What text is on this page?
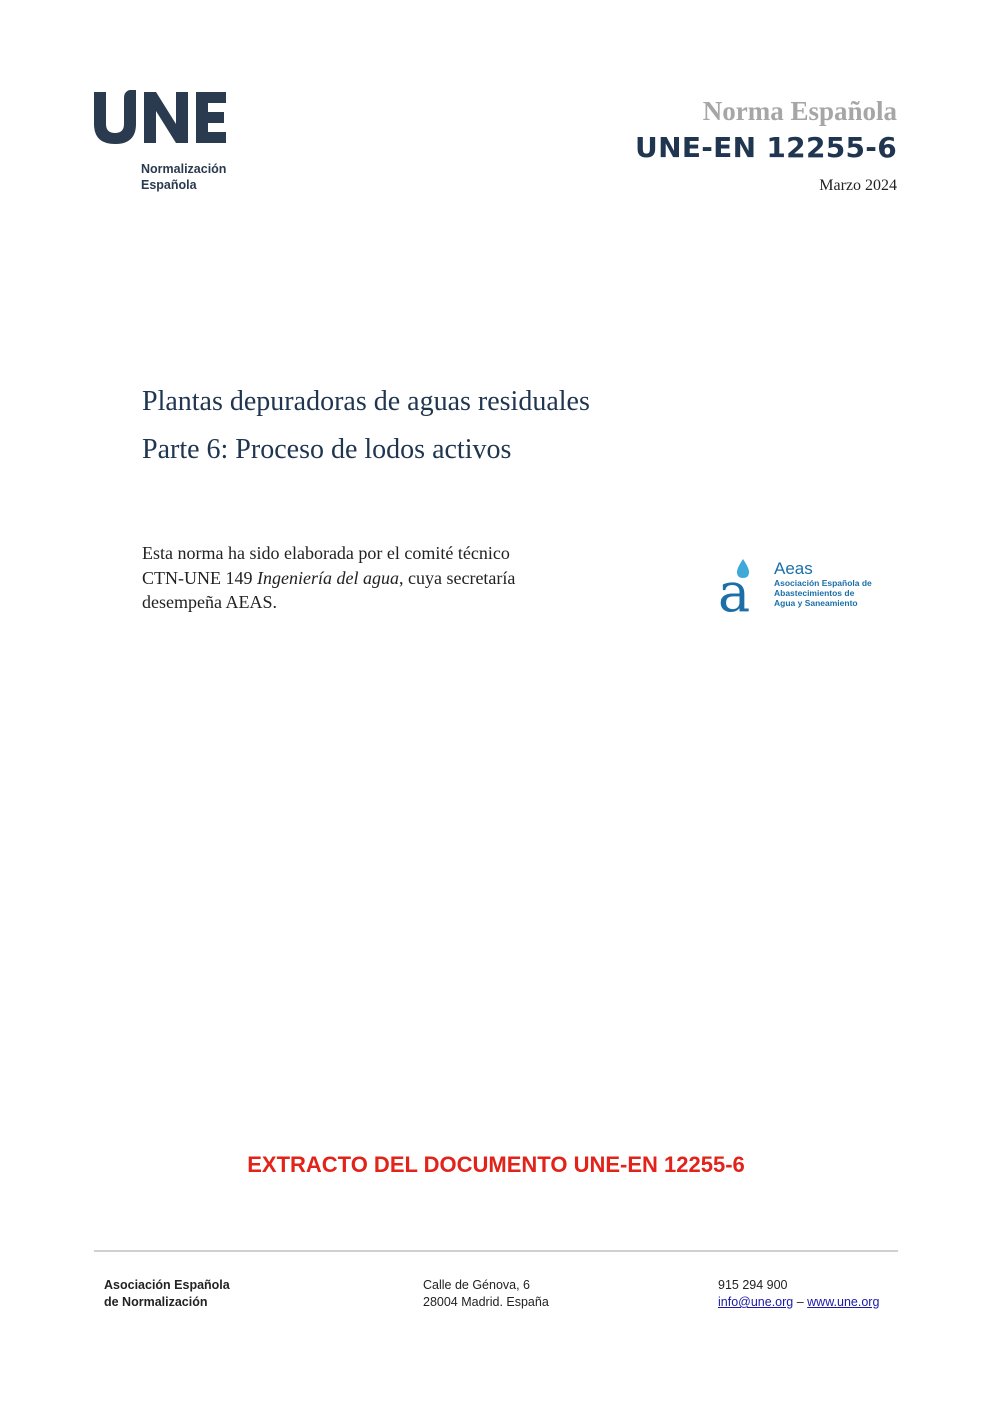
Normalización
Española
Norma Española
UNE-EN 12255-6
Marzo 2024
Plantas depuradoras de aguas residuales
Parte 6: Proceso de lodos activos
Esta norma ha sido elaborada por el comité técnico
CTN-UNE 149 Ingeniería del agua, cuya secretaría
desempeña AEAS.	a Aeas
Asociación Española de
Abastecimientos de
Agua y Saneamiento
EXTRACTO DEL DOCUMENTO UNE-EN 12255-6
Asociación Española
de Normalización
Calle de Génova, 6
28004 Madrid. España
915 294 900
info@une.org – www.une.org
